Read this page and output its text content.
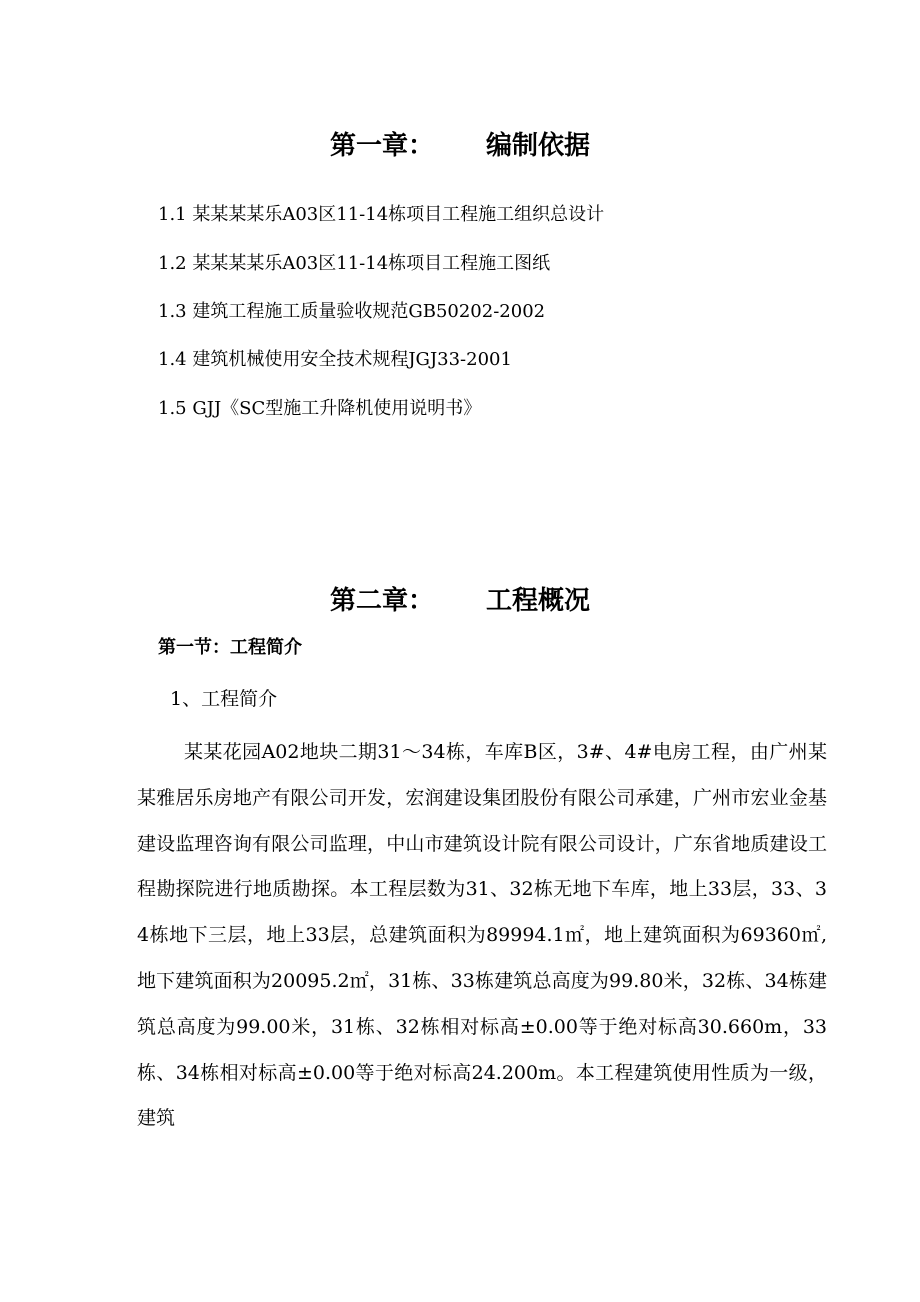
第一章： 编制依据
1.1 某某某某乐A03区11-14栋项目工程施工组织总设计
1.2 某某某某乐A03区11-14栋项目工程施工图纸
1.3 建筑工程施工质量验收规范GB50202-2002
1.4 建筑机械使用安全技术规程JGJ33-2001
1.5 GJJ《SC型施工升降机使用说明书》
第二章： 工程概况
第一节：工程简介
1、工程简介
某某花园A02地块二期31～34栋，车库B区，3#、4#电房工程，由广州某某雅居乐房地产有限公司开发，宏润建设集团股份有限公司承建，广州市宏业金基建设监理咨询有限公司监理，中山市建筑设计院有限公司设计，广东省地质建设工程勘探院进行地质勘探。本工程层数为31、32栋无地下车库，地上33层，33、34栋地下三层，地上33层，总建筑面积为89994.1㎡，地上建筑面积为69360㎡,地下建筑面积为20095.2㎡，31栋、33栋建筑总高度为99.80米，32栋、34栋建筑总高度为99.00米，31栋、32栋相对标高±0.00等于绝对标高30.660m，33栋、34栋相对标高±0.00等于绝对标高24.200m。本工程建筑使用性质为一级，建筑
